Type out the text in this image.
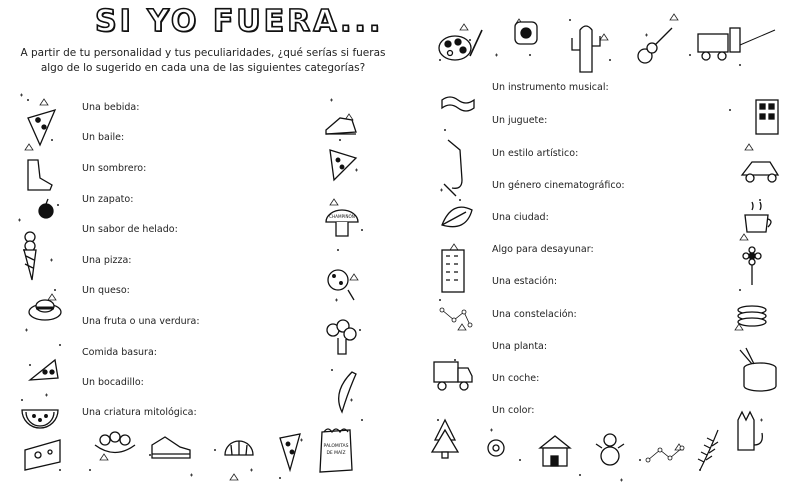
PALOMITAS
DE MAÍZ
CHAMPIÑÓN
SI YO FUERA...
A partir de tu personalidad y tus peculiaridades, ¿qué serías si fueras
algo de lo sugerido en cada una de las siguientes categorías?
Una bebida:
Un baile:
Un sombrero:
Un zapato:
Un sabor de helado:
Una pizza:
Un queso:
Una fruta o una verdura:
Comida basura:
Un bocadillo:
Una criatura mitológica:
Un instrumento musical:
Un juguete:
Un estilo artístico:
Un género cinematográfico:
Una ciudad:
Algo para desayunar:
Una estación:
Una constelación:
Una planta:
Un coche:
Un color:
